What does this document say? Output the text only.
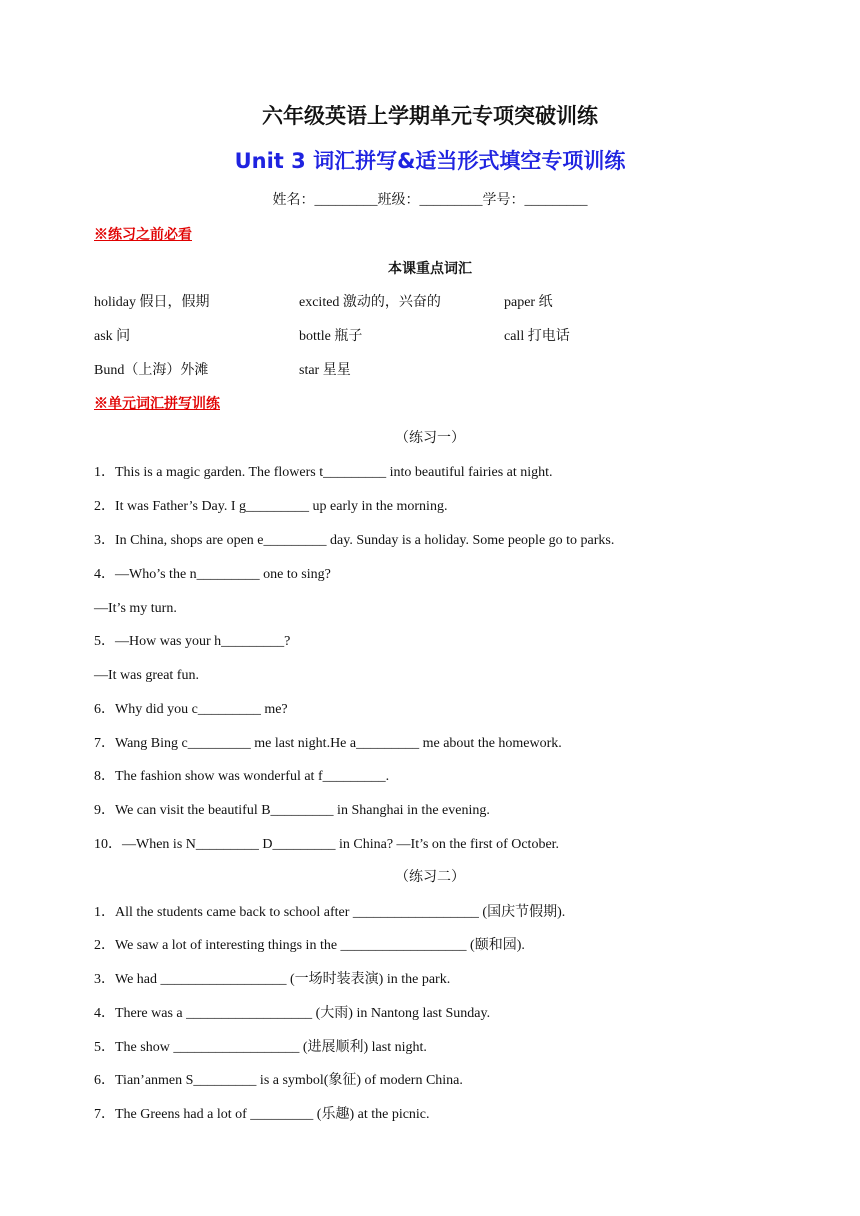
六年级英语上学期单元专项突破训练
Unit 3 词汇拼写&适当形式填空专项训练
姓名：_________班级：_________学号：_________
※练习之前必看
本课重点词汇
holiday 假日，假期	excited 激动的，兴奋的	paper 纸
ask 问	bottle 瓶子	call 打电话
Bund（上海）外滩	star 星星
※单元词汇拼写训练
（练习一）
1．This is a magic garden. The flowers t_________ into beautiful fairies at night.
2．It was Father’s Day. I g_________ up early in the morning.
3．In China, shops are open e_________ day. Sunday is a holiday. Some people go to parks.
4．—Who’s the n_________ one to sing?
—It’s my turn.
5．—How was your h_________?
—It was great fun.
6．Why did you c_________ me?
7．Wang Bing c_________ me last night.He a_________ me about the homework.
8．The fashion show was wonderful at f_________.
9．We can visit the beautiful B_________ in Shanghai in the evening.
10．—When is N_________ D_________ in China? —It’s on the first of October.
（练习二）
1．All the students came back to school after __________________ (国庆节假期).
2．We saw a lot of interesting things in the __________________ (颐和园).
3．We had __________________ (一场时装表演) in the park.
4．There was a __________________ (大雨) in Nantong last Sunday.
5．The show __________________ (进展顺利) last night.
6．Tian’anmen S_________ is a symbol(象征) of modern China.
7．The Greens had a lot of _________ (乐趣) at the picnic.
